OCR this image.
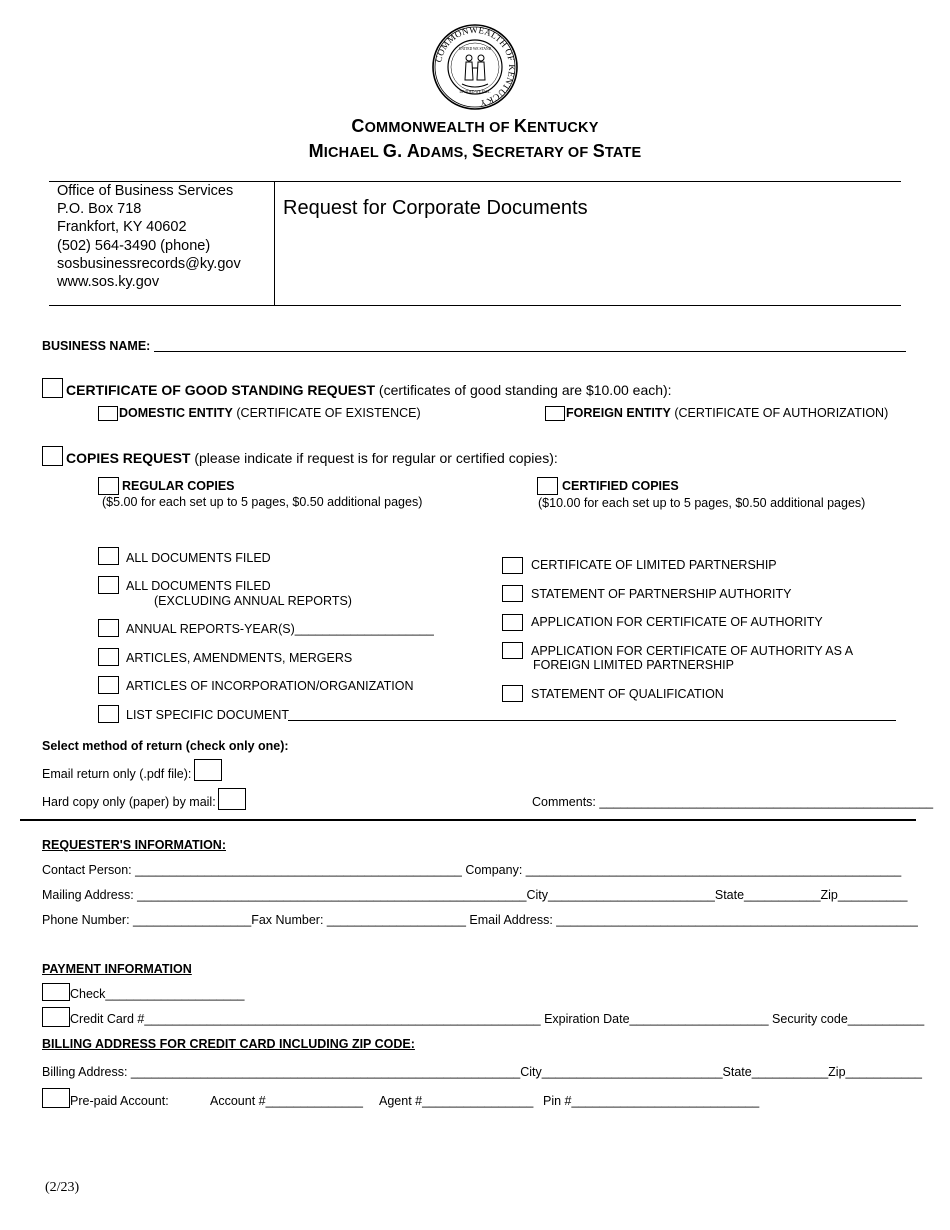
COMMONWEALTH OF KENTUCKY
UNITED WE STAND
DIVIDED WE FALL
COMMONWEALTH OF KENTUCKY
MICHAEL G. ADAMS, SECRETARY OF STATE
Office of Business Services
P.O. Box 718
Frankfort, KY 40602
(502) 564-3490 (phone)
sosbusinessrecords@ky.gov
www.sos.ky.gov
Request for Corporate Documents
BUSINESS NAME:
CERTIFICATE OF GOOD STANDING REQUEST (certificates of good standing are $10.00 each):
DOMESTIC ENTITY (CERTIFICATE OF EXISTENCE)	FOREIGN ENTITY (CERTIFICATE OF AUTHORIZATION)
COPIES REQUEST (please indicate if request is for regular or certified copies):
REGULAR COPIES
($5.00 for each set up to 5 pages, $0.50 additional pages)
CERTIFIED COPIES
($10.00 for each set up to 5 pages, $0.50 additional pages)
ALL DOCUMENTS FILED
ALL DOCUMENTS FILED
(EXCLUDING ANNUAL REPORTS)
ANNUAL REPORTS-YEAR(S)____________________
ARTICLES, AMENDMENTS, MERGERS
ARTICLES OF INCORPORATION/ORGANIZATION
LIST SPECIFIC DOCUMENT
CERTIFICATE OF LIMITED PARTNERSHIP
STATEMENT OF PARTNERSHIP AUTHORITY
APPLICATION FOR CERTIFICATE OF AUTHORITY
APPLICATION FOR CERTIFICATE OF AUTHORITY AS A
FOREIGN LIMITED PARTNERSHIP
STATEMENT OF QUALIFICATION
Select method of return (check only one):
Email return only (.pdf file):
Hard copy only (paper) by mail:	Comments: ________________________________________________
REQUESTER'S INFORMATION:
Contact Person: _______________________________________________ Company: ______________________________________________________
Mailing Address: ________________________________________________________City________________________State___________Zip__________
Phone Number: _________________Fax Number: ____________________ Email Address: ____________________________________________________
PAYMENT INFORMATION
Check____________________
Credit Card #_________________________________________________________ Expiration Date____________________ Security code___________
BILLING ADDRESS FOR CREDIT CARD INCLUDING ZIP CODE:
Billing Address: ________________________________________________________City__________________________State___________Zip___________
Pre-paid Account:	Account #______________ Agent #________________ Pin #___________________________
(2/23)
